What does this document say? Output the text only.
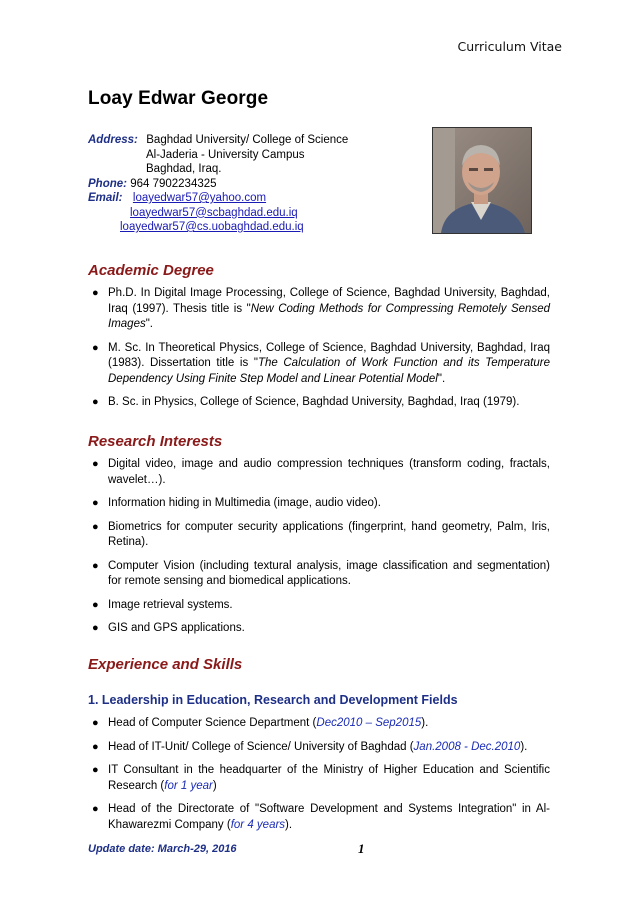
Curriculum Vitae
Loay Edwar George
Address: Baghdad University/ College of Science
Al-Jaderia - University Campus
Baghdad, Iraq.
Phone: 964 7902234325
Email: loayedwar57@yahoo.com
loayedwar57@scbaghdad.edu.iq
loayedwar57@cs.uobaghdad.edu.iq
Academic Degree
● Ph.D. In Digital Image Processing, College of Science, Baghdad University, Baghdad, Iraq (1997). Thesis title is "New Coding Methods for Compressing Remotely Sensed Images".
● M. Sc. In Theoretical Physics, College of Science, Baghdad University, Baghdad, Iraq (1983). Dissertation title is "The Calculation of Work Function and its Temperature Dependency Using Finite Step Model and Linear Potential Model".
● B. Sc. in Physics, College of Science, Baghdad University, Baghdad, Iraq (1979).
Research Interests
● Digital video, image and audio compression techniques (transform coding, fractals, wavelet…).
● Information hiding in Multimedia (image, audio video).
● Biometrics for computer security applications (fingerprint, hand geometry, Palm, Iris, Retina).
● Computer Vision (including textural analysis, image classification and segmentation) for remote sensing and biomedical applications.
● Image retrieval systems.
● GIS and GPS applications.
Experience and Skills
1. Leadership in Education, Research and Development Fields
● Head of Computer Science Department (Dec2010 – Sep2015).
● Head of IT-Unit/ College of Science/ University of Baghdad (Jan.2008 - Dec.2010).
● IT Consultant in the headquarter of the Ministry of Higher Education and Scientific Research (for 1 year)
● Head of the Directorate of "Software Development and Systems Integration" in Al-Khawarezmi Company (for 4 years).
Update date: March-29, 2016	1
